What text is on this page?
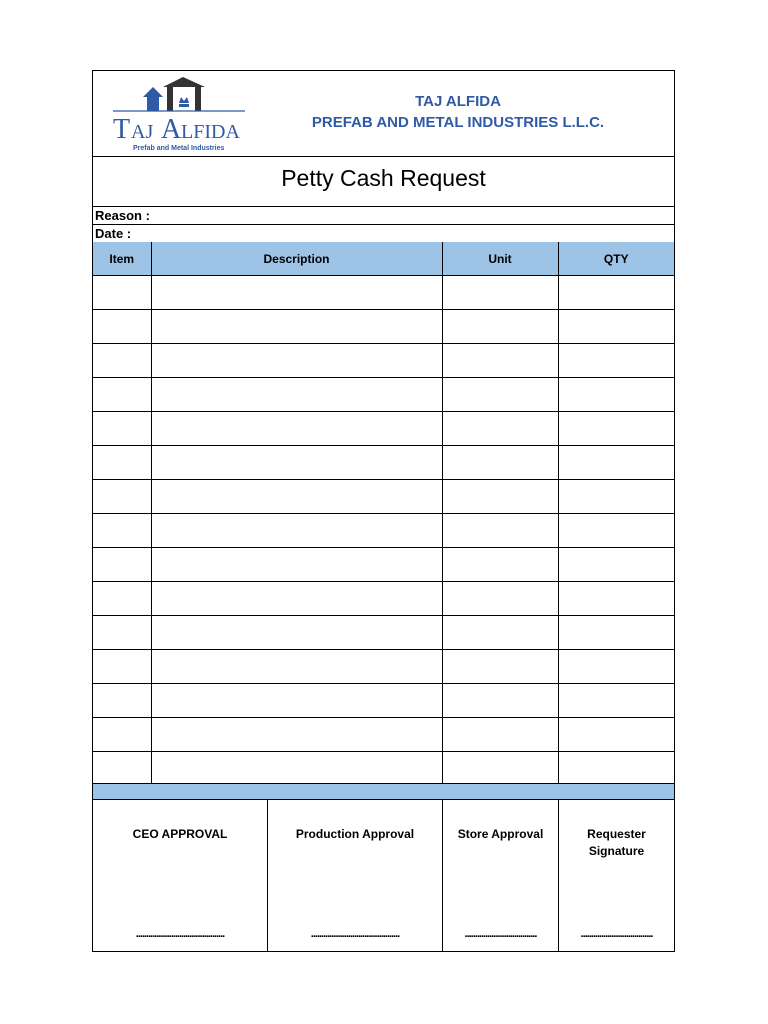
T AJ A LFIDA
Prefab and Metal Industries
TAJ ALFIDA
PREFAB AND METAL INDUSTRIES L.L.C.
Petty Cash Request
Reason :
Date :
Item	Description	Unit	QTY

CEO APPROVAL
...........................................
Production Approval
...........................................
Store Approval
...................................
Requester Signature
...................................
